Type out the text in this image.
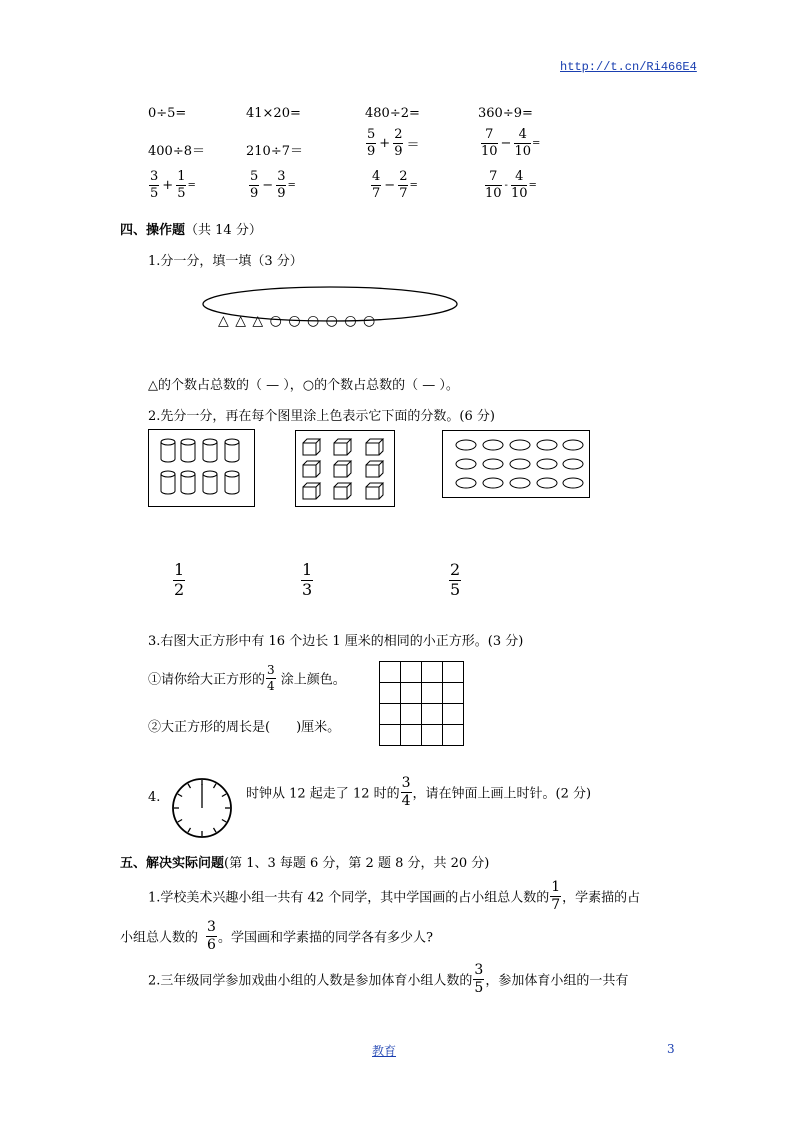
http://t.cn/Ri466E4
0÷5=	41×20=	480÷2=	360÷9=
400÷8＝	210÷7＝	$\frac{5}{9} + \frac{2}{9}$ ＝	$\frac{7}{10} - \frac{4}{10}$ =
$\frac{3}{5} + \frac{1}{5}$ =	$\frac{5}{9} - \frac{3}{9}$ =	$\frac{4}{7} - \frac{2}{7}$ =	$\frac{7}{10} - \frac{4}{10}$ =
四、操作题（共 14 分）
1.分一分，填一填（3 分）
△ △ △ ○ ○ ○ ○ ○ ○
△的个数占总数的（ — ），○的个数占总数的（ — ）。
2.先分一分，再在每个图里涂上色表示它下面的分数。(6 分)
$\frac{1}{2}$	$\frac{1}{3}$	$\frac{2}{5}$
3.右图大正方形中有 16 个边长 1 厘米的相同的小正方形。(3 分)
①请你给大正方形的 $\frac{3}{4}$ 涂上颜色。
②大正方形的周长是(　　)厘米。

4.	时钟从 12 起走了 12 时的 $\frac{3}{4}$ ，请在钟面上画上时针。(2 分)
五、解决实际问题(第 1、3 每题 6 分，第 2 题 8 分，共 20 分)
1.学校美术兴趣小组一共有 42 个同学，其中学国画的占小组总人数的 $\frac{1}{7}$ ，学素描的占
小组总人数的 $\frac{3}{6}$ 。学国画和学素描的同学各有多少人?
2.三年级同学参加戏曲小组的人数是参加体育小组人数的 $\frac{3}{5}$ ，参加体育小组的一共有
教育	3
